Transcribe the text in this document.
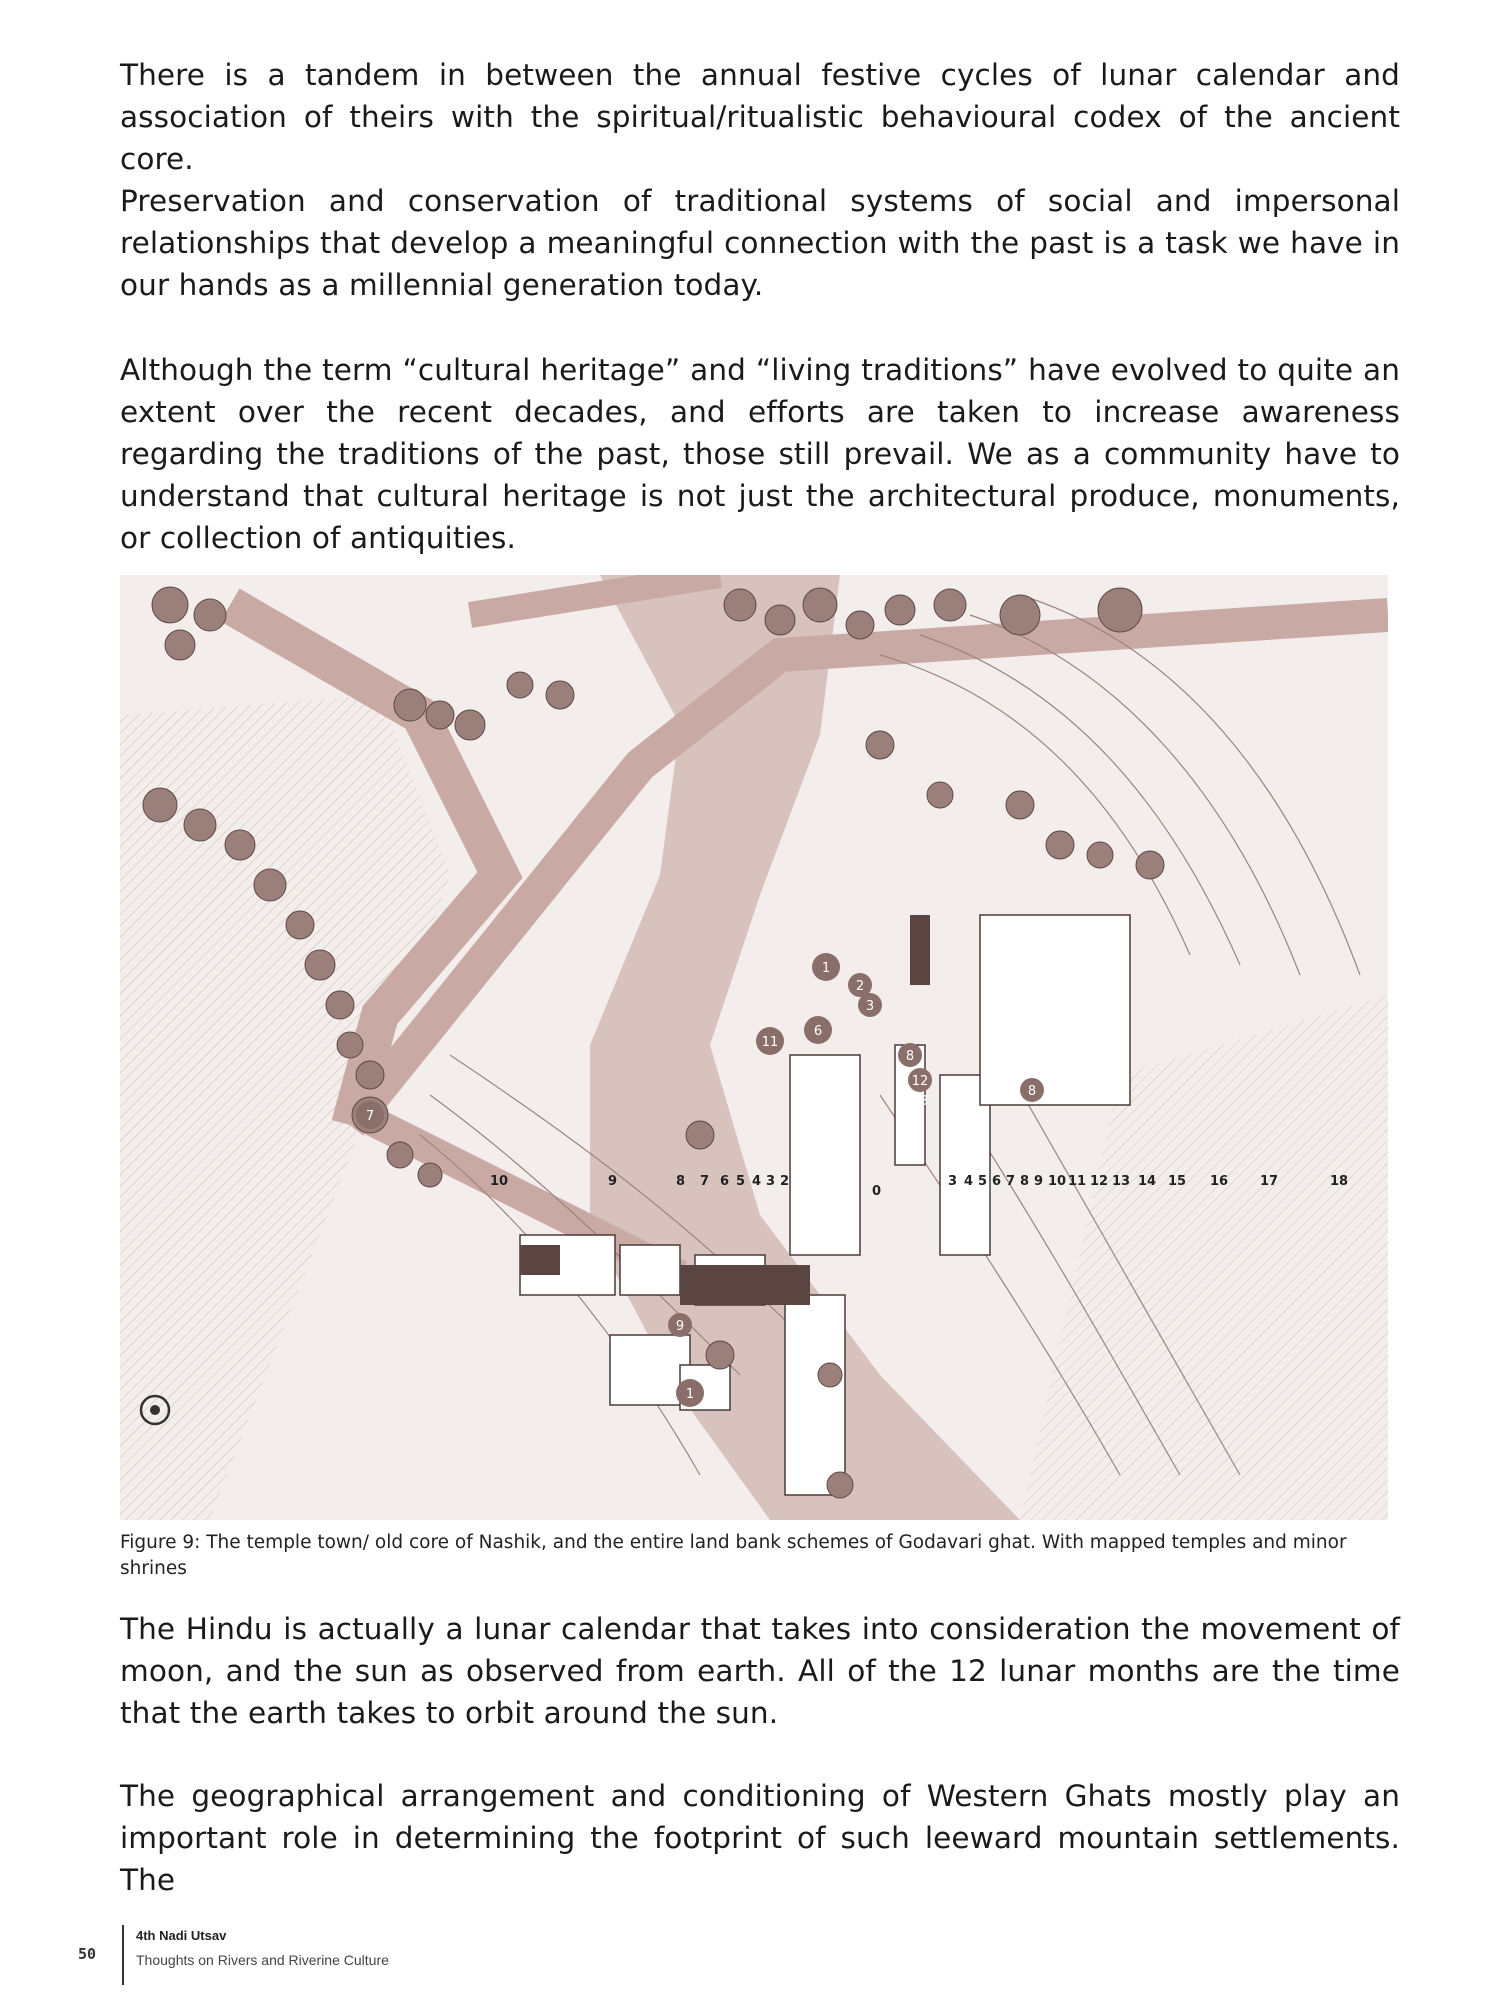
There is a tandem in between the annual festive cycles of lunar calendar and association of theirs with the spiritual/ritualistic behavioural codex of the ancient core.

Preservation and conservation of traditional systems of social and impersonal relationships that develop a meaningful connection with the past is a task we have in our hands as a millennial generation today.

Although the term “cultural heritage” and “living traditions” have evolved to quite an extent over the recent decades, and efforts are taken to increase awareness regarding the traditions of the past, those still prevail. We as a community have to understand that cultural heritage is not just the architectural produce, monuments, or collection of antiquities.

10	9	8 7 6 5 4 3 2
0
3 4 5 6 7 8 9 10 11 12 13 14 15 16 17	18
1
2
3
6
7
8
11
12
13
9
8
1

Figure 9: The temple town/ old core of Nashik, and the entire land bank schemes of Godavari ghat. With mapped temples and minor shrines

The Hindu is actually a lunar calendar that takes into consideration the movement of moon, and the sun as observed from earth. All of the 12 lunar months are the time that the earth takes to orbit around the sun.

The geographical arrangement and conditioning of Western Ghats mostly play an important role in determining the footprint of such leeward mountain settlements. The

50
4th Nadi Utsav
Thoughts on Rivers and Riverine Culture
